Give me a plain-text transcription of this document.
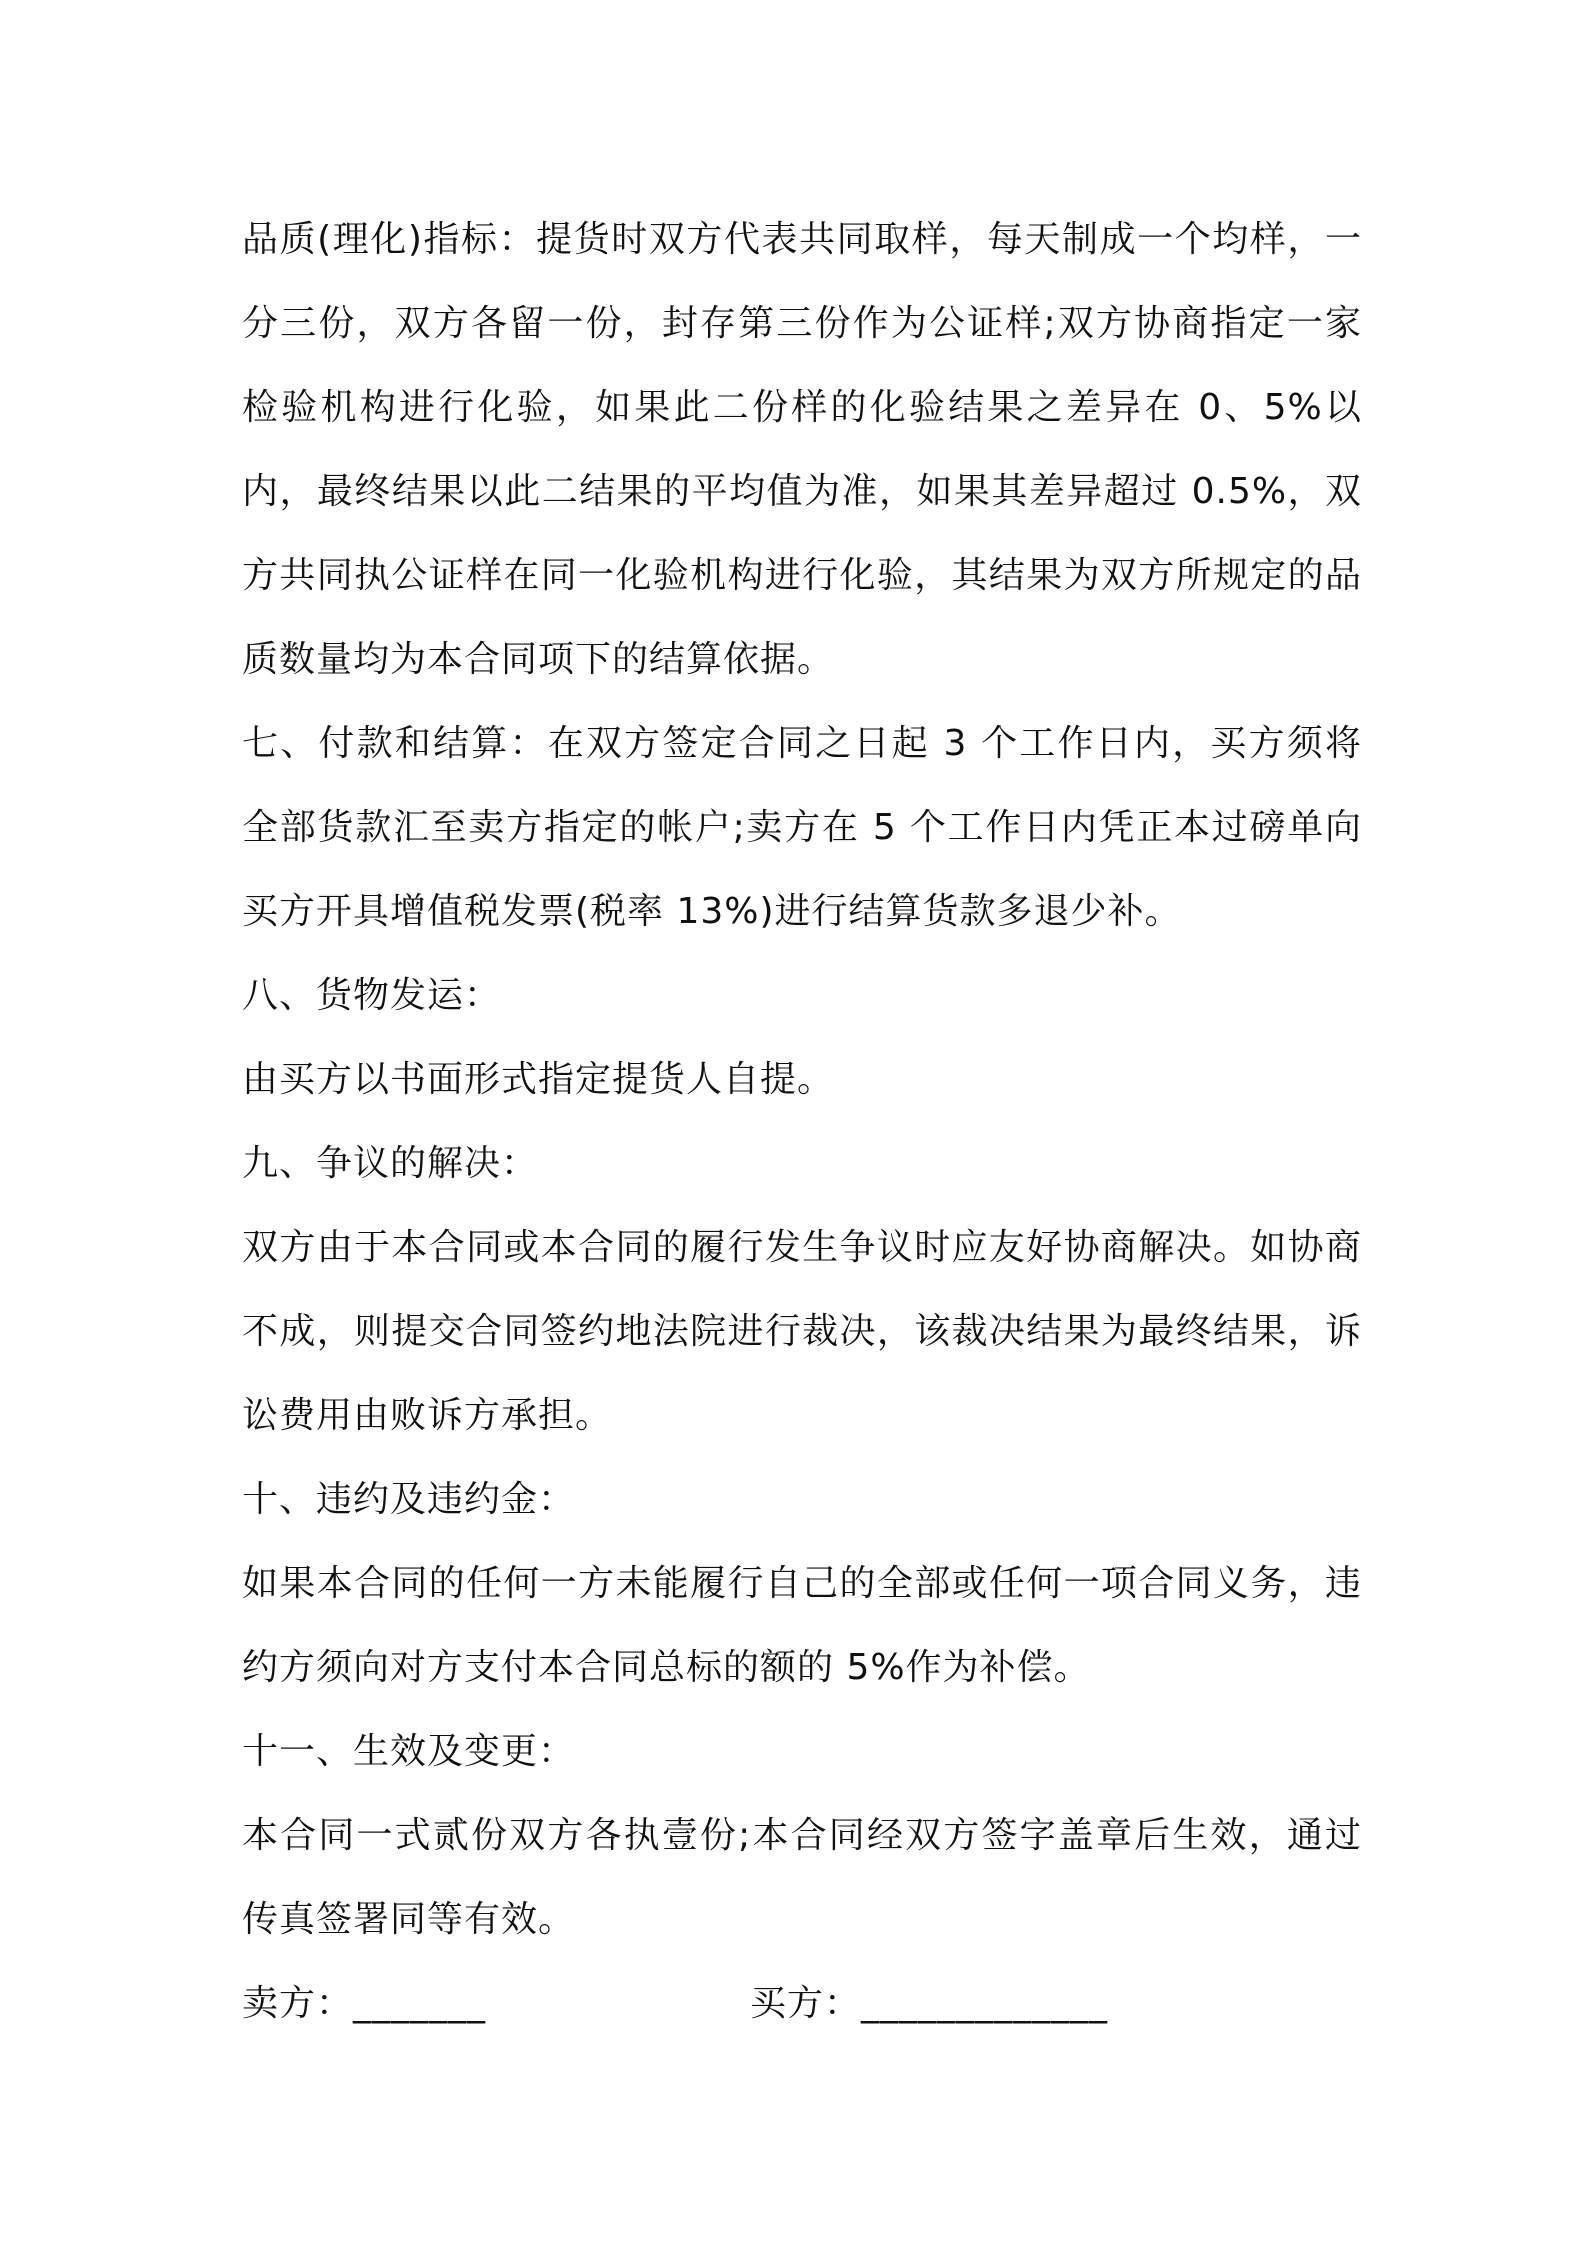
品质(理化)指标：提货时双方代表共同取样，每天制成一个均样，一分三份，双方各留一份，封存第三份作为公证样;双方协商指定一家检验机构进行化验，如果此二份样的化验结果之差异在 0、5%以内，最终结果以此二结果的平均值为准，如果其差异超过 0.5%，双方共同执公证样在同一化验机构进行化验，其结果为双方所规定的品质数量均为本合同项下的结算依据。

七、付款和结算：在双方签定合同之日起 3 个工作日内，买方须将全部货款汇至卖方指定的帐户;卖方在 5 个工作日内凭正本过磅单向买方开具增值税发票(税率 13%)进行结算货款多退少补。

八、货物发运：

由买方以书面形式指定提货人自提。

九、争议的解决：

双方由于本合同或本合同的履行发生争议时应友好协商解决。如协商不成，则提交合同签约地法院进行裁决，该裁决结果为最终结果，诉讼费用由败诉方承担。

十、违约及违约金：

如果本合同的任何一方未能履行自己的全部或任何一项合同义务，违约方须向对方支付本合同总标的额的 5%作为补偿。

十一、生效及变更：

本合同一式贰份双方各执壹份;本合同经双方签字盖章后生效，通过传真签署同等有效。

卖方：_______	买方：_____________
